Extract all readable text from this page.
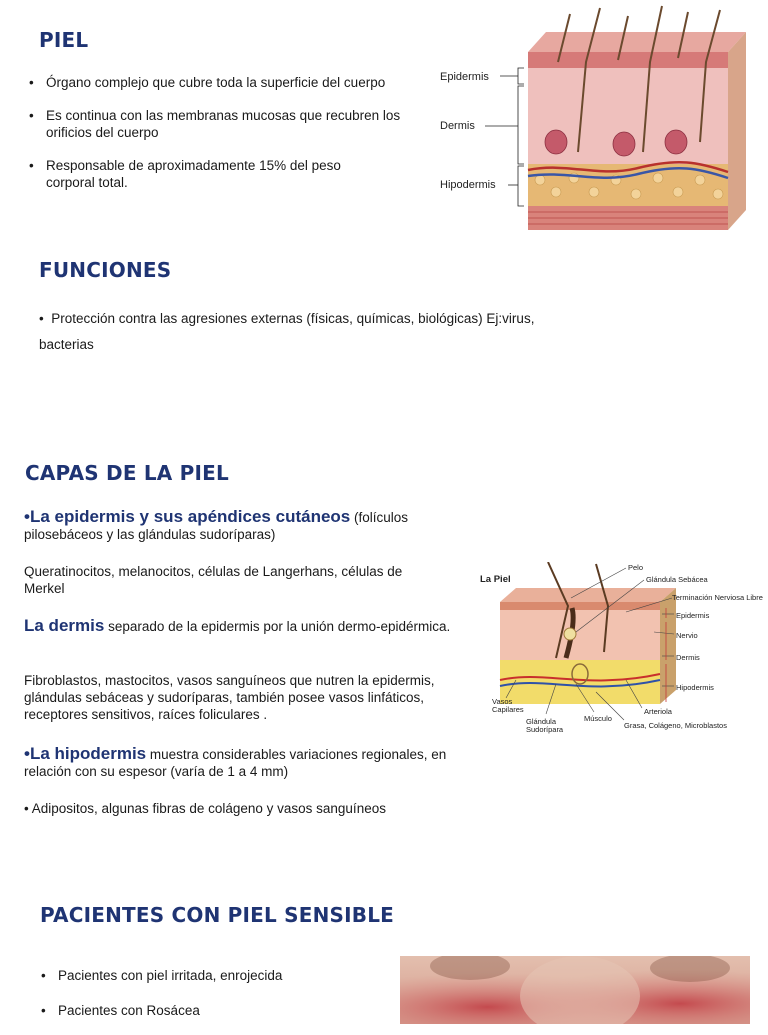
PIEL
• Órgano complejo que cubre toda la superficie del cuerpo
• Es continua con las membranas mucosas que recubren los orificios del cuerpo
• Responsable de aproximadamente 15% del peso corporal total.
Epidermis
Dermis
Hipodermis
FUNCIONES

•  Protección contra las agresiones externas (físicas, químicas, biológicas) Ej:virus,

bacterias

CAPAS DE LA PIEL

•La epidermis y sus apéndices cutáneos (folículos pilosebáceos y las glándulas sudoríparas)

Queratinocitos, melanocitos, células de Langerhans, células de Merkel

La dermis separado de la epidermis por la unión dermo-epidérmica.

Fibroblastos, mastocitos, vasos sanguíneos que nutren la epidermis, glándulas sebáceas y sudoríparas, también posee vasos linfáticos, receptores sensitivos, raíces foliculares .

•La hipodermis muestra considerables variaciones regionales, en relación con su espesor (varía de 1 a 4 mm)

• Adipositos, algunas fibras de colágeno y vasos sanguíneos

La Piel
Pelo
Glándula Sebácea
Terminación Nerviosa Libre
Epidermis
Nervio
Dermis
Hipodermis
Arteriola
Grasa, Colágeno, Microblastos
Músculo
Glándula
Sudorípara
Vasos
Capilares
PACIENTES CON PIEL SENSIBLE
• Pacientes con piel irritada, enrojecida
• Pacientes con Rosácea
